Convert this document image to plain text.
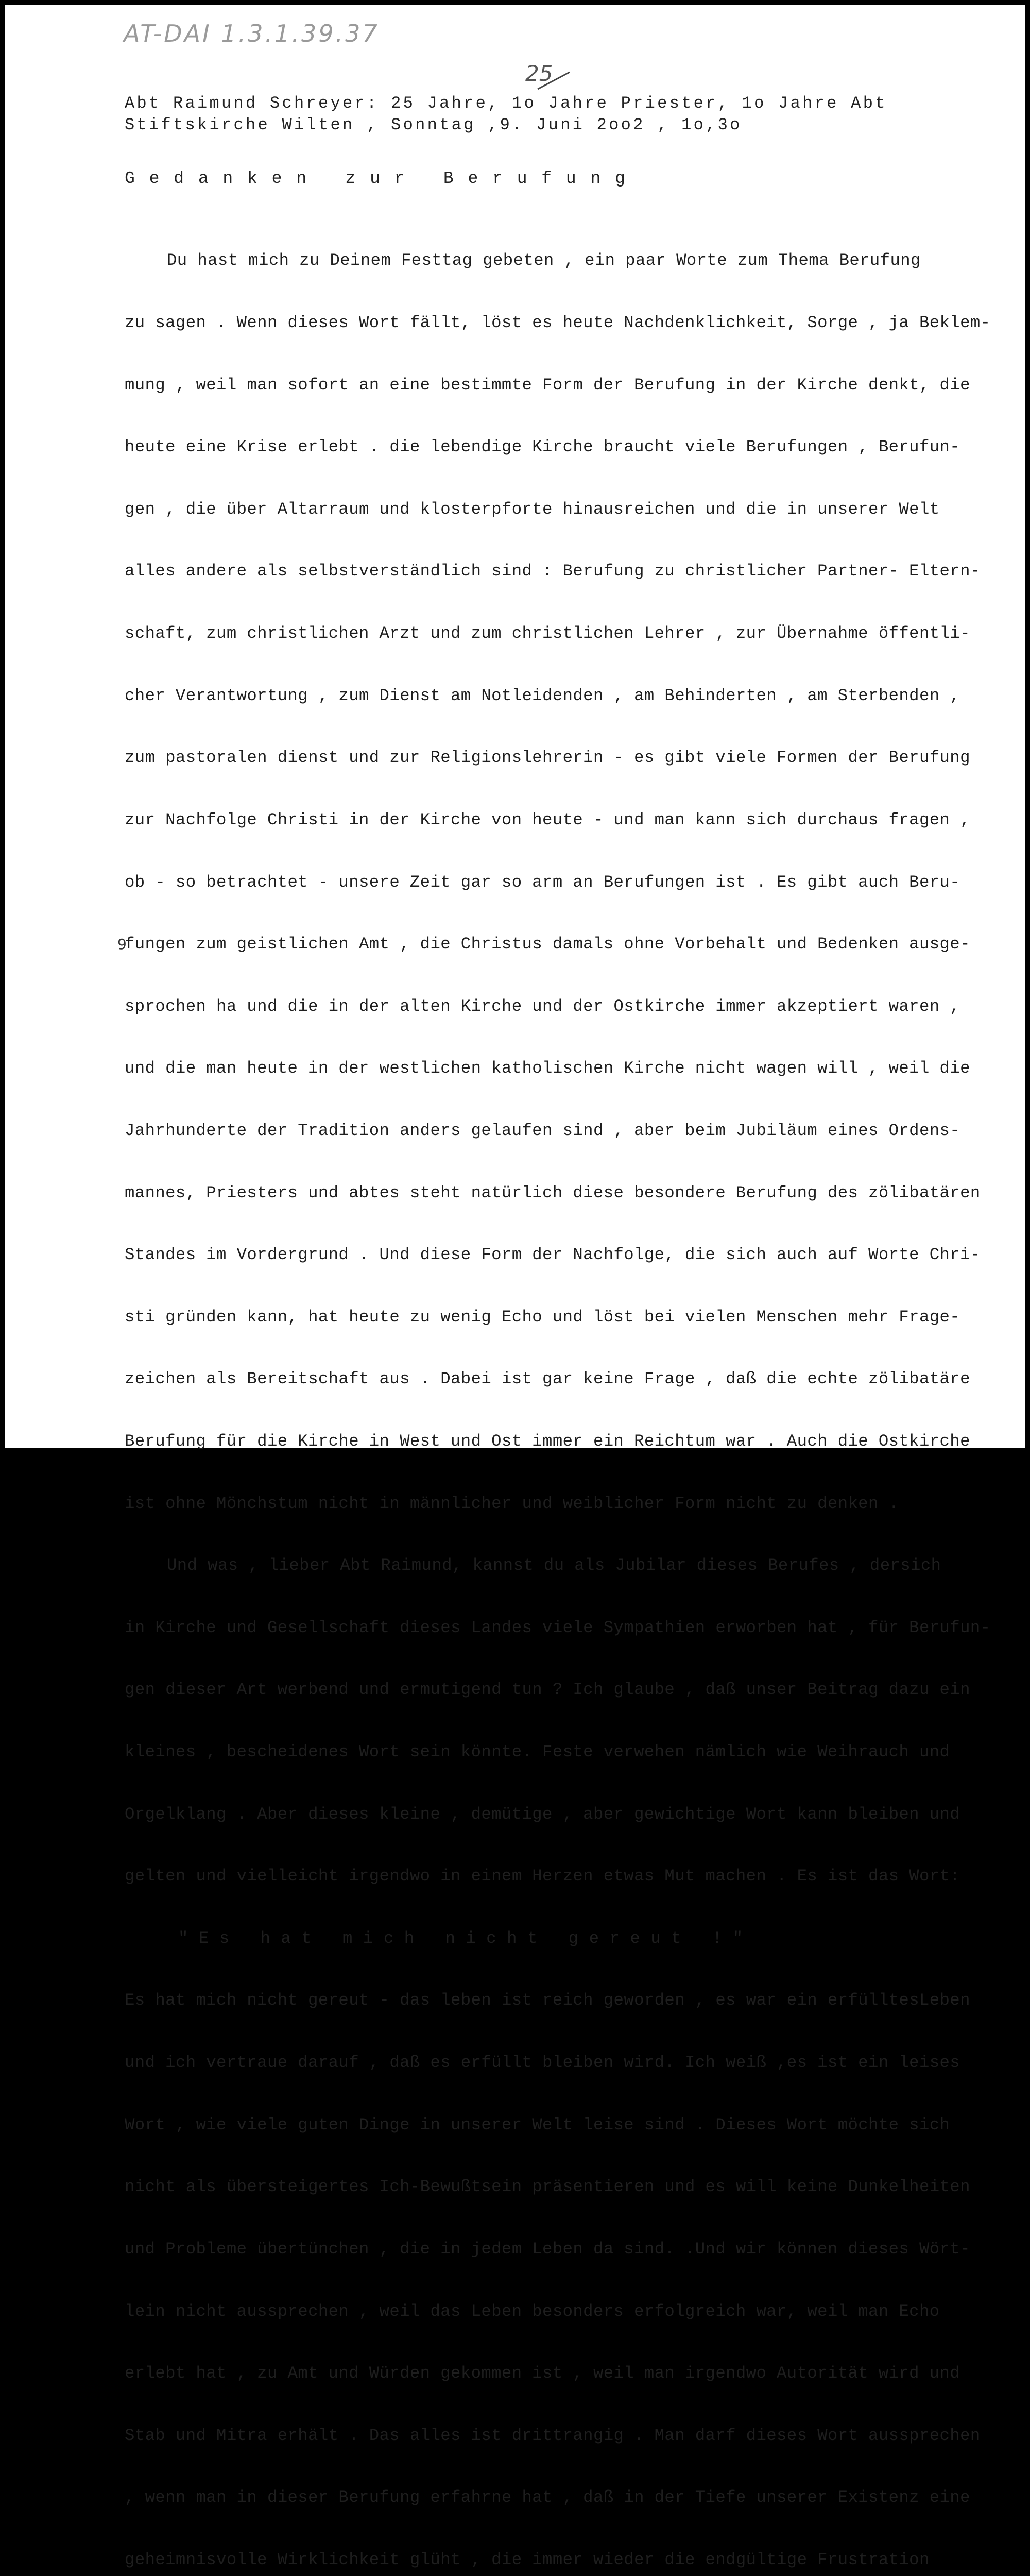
AT-DAI 1.3.1.39.37
25
Abt Raimund Schreyer: 25 Jahre, 1o Jahre Priester, 1o Jahre Abt
Stiftskirche Wilten , Sonntag ,9. Juni 2oo2 , 1o,3o
G e d a n k e n   z u r   B e r u f u n g
9

Du hast mich zu Deinem Festtag gebeten , ein paar Worte zum Thema Berufung

zu sagen . Wenn dieses Wort fällt, löst es heute Nachdenklichkeit, Sorge , ja Beklem-

mung , weil man sofort an eine bestimmte Form der Berufung in der Kirche denkt, die

heute eine Krise erlebt . die lebendige Kirche braucht viele Berufungen , Berufun-

gen , die über Altarraum und klosterpforte hinausreichen und die in unserer Welt

alles andere als selbstverständlich sind : Berufung zu christlicher Partner- Eltern-

schaft, zum christlichen Arzt und zum christlichen Lehrer , zur Übernahme öffentli-

cher Verantwortung , zum Dienst am Notleidenden , am Behinderten , am Sterbenden ,

zum pastoralen dienst und zur Religionslehrerin - es gibt viele Formen der Berufung

zur Nachfolge Christi in der Kirche von heute - und man kann sich durchaus fragen ,

ob - so betrachtet - unsere Zeit gar so arm an Berufungen ist . Es gibt auch Beru-

fungen zum geistlichen Amt , die Christus damals ohne Vorbehalt und Bedenken ausge-

sprochen ha und die in der alten Kirche und der Ostkirche immer akzeptiert waren ,

und die man heute in der westlichen katholischen Kirche nicht wagen will , weil die

Jahrhunderte der Tradition anders gelaufen sind , aber beim Jubiläum eines Ordens-

mannes, Priesters und abtes steht natürlich diese besondere Berufung des zölibatären

Standes im Vordergrund . Und diese Form der Nachfolge, die sich auch auf Worte Chri-

sti gründen kann, hat heute zu wenig Echo und löst bei vielen Menschen mehr Frage-

zeichen als Bereitschaft aus . Dabei ist gar keine Frage , daß die echte zölibatäre

Berufung für die Kirche in West und Ost immer ein Reichtum war . Auch die Ostkirche

ist ohne Mönchstum nicht in männlicher und weiblicher Form nicht zu denken .

Und was , lieber Abt Raimund, kannst du als Jubilar dieses Berufes , dersich

in Kirche und Gesellschaft dieses Landes viele Sympathien erworben hat , für Berufun-

gen dieser Art werbend und ermutigend tun ? Ich glaube , daß unser Beitrag dazu ein

kleines , bescheidenes Wort sein könnte. Feste verwehen nämlich wie Weihrauch und

Orgelklang . Aber dieses kleine , demütige , aber gewichtige Wort kann bleiben und

gelten und vielleicht irgendwo in einem Herzen etwas Mut machen . Es ist das Wort:

"Es hat mich nicht gereut !"

Es hat mich nicht gereut - das leben ist reich geworden , es war ein erfülltesLeben

und ich vertraue darauf , daß es erfüllt bleiben wird. Ich weiß ,es ist ein leises

Wort , wie viele guten Dinge in unserer Welt leise sind . Dieses Wort möchte sich

nicht als übersteigertes Ich-Bewußtsein präsentieren und es will keine Dunkelheiten

und Probleme übertünchen , die in jedem Leben da sind. .Und wir können dieses Wört-

lein nicht aussprechen , weil das Leben besonders erfolgreich war, weil man Echo

erlebt hat , zu Amt und Würden gekommen ist , weil man irgendwo Autorität wird und

Stab und Mitra erhält . Das alles ist drittrangig . Man darf dieses Wort aussprechen

, wenn man in dieser Berufung erfahrne hat , daß in der Tiefe unserer Existenz eine

geheimnisvolle Wirklichkeit glüht , die immer wieder die endgültige Frustration
